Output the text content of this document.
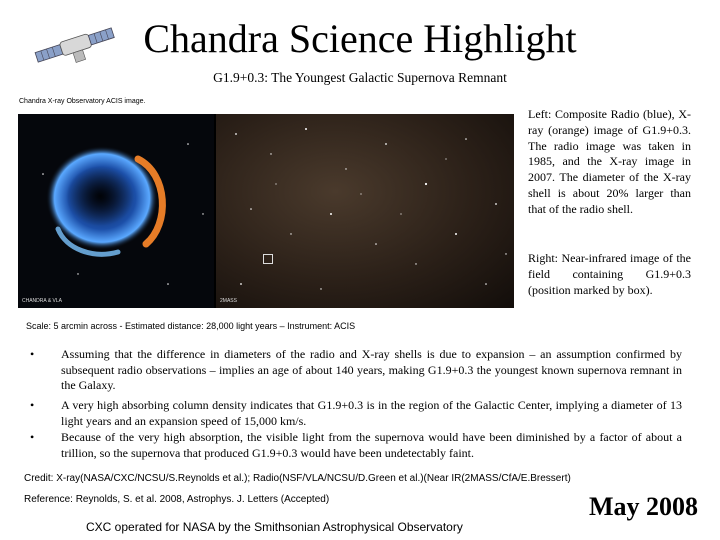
Chandra Science Highlight
G1.9+0.3: The Youngest Galactic Supernova Remnant
Chandra X-ray Observatory ACIS image.
CHANDRA & VLA	2MASS
Left: Composite Radio (blue), X-ray (orange) image of G1.9+0.3. The radio image was taken in 1985, and the X-ray image in 2007. The diameter of the X-ray shell is about 20% larger than that of the radio shell.
Right: Near-infrared image of the field containing G1.9+0.3 (position marked by box).
Scale: 5 arcmin across - Estimated distance: 28,000 light years – Instrument: ACIS
• Assuming that the difference in diameters of the radio and X-ray shells is due to expansion – an assumption confirmed by subsequent radio observations – implies an age of about 140 years, making G1.9+0.3 the youngest known supernova remnant in the Galaxy.
• A very high absorbing column density indicates that G1.9+0.3 is in the region of the Galactic Center, implying a diameter of 13 light years and an expansion speed of 15,000 km/s.
• Because of the very high absorption, the visible light from the supernova would have been diminished by a factor of about a trillion, so the supernova that produced G1.9+0.3 would have been undetectably faint.
Credit: X-ray(NASA/CXC/NCSU/S.Reynolds et al.); Radio(NSF/VLA/NCSU/D.Green et al.)(Near IR(2MASS/CfA/E.Bressert)
Reference: Reynolds, S. et al. 2008, Astrophys. J. Letters (Accepted)
CXC operated for NASA by the Smithsonian Astrophysical Observatory
May 2008
